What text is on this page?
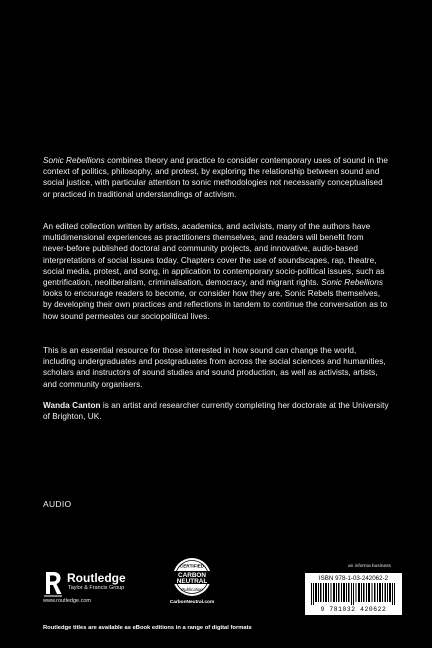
Sonic Rebellions combines theory and practice to consider contemporary uses of sound in the context of politics, philosophy, and protest, by exploring the relationship between sound and social justice, with particular attention to sonic methodologies not necessarily conceptualised or practiced in traditional understandings of activism.
An edited collection written by artists, academics, and activists, many of the authors have multidimensional experiences as practitioners themselves, and readers will benefit from never-before published doctoral and community projects, and innovative, audio-based interpretations of social issues today. Chapters cover the use of soundscapes, rap, theatre, social media, protest, and song, in application to contemporary socio-political issues, such as gentrification, neoliberalism, criminalisation, democracy, and migrant rights. Sonic Rebellions looks to encourage readers to become, or consider how they are, Sonic Rebels themselves, by developing their own practices and reflections in tandem to continue the conversation as to how sound permeates our sociopolitical lives.
This is an essential resource for those interested in how sound can change the world, including undergraduates and postgraduates from across the social sciences and humanities, scholars and instructors of sound studies and sound production, as well as activists, artists, and community organisers.
Wanda Canton is an artist and researcher currently completing her doctorate at the University of Brighton, UK.
AUDIO
Routledge
Taylor & Francis Group
www.routledge.com
CERTIFIED
CARBON
NEUTRAL
Publication
CarbonNeutral.com
an informa business
ISBN 978-1-03-242062-2
9 781032 420622
Routledge titles are available as eBook editions in a range of digital formats
